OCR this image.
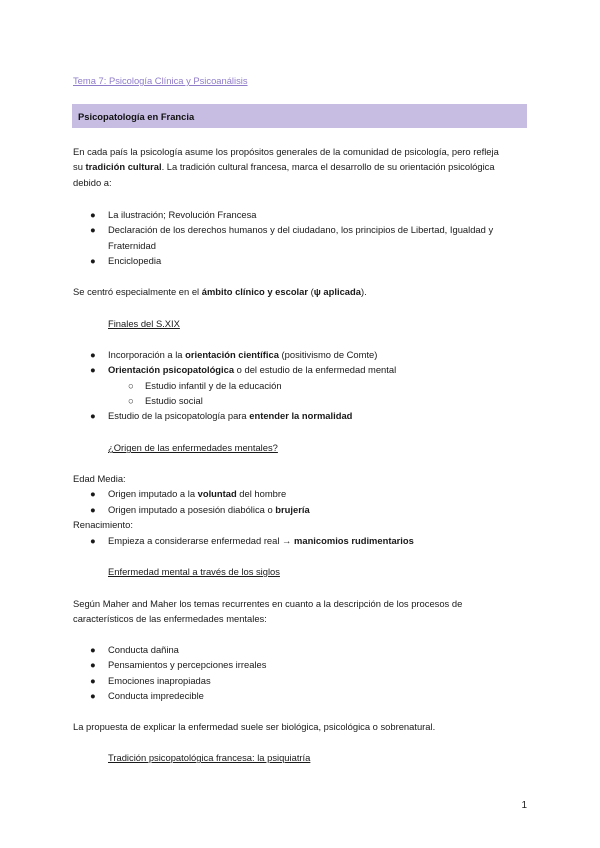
Tema 7: Psicología Clínica y Psicoanálisis
Psicopatología en Francia
En cada país la psicología asume los propósitos generales de la comunidad de psicología, pero refleja
su tradición cultural. La tradición cultural francesa, marca el desarrollo de su orientación psicológica
debido a:
● La ilustración; Revolución Francesa
● Declaración de los derechos humanos y del ciudadano, los principios de Libertad, Igualdad y
Fraternidad
● Enciclopedia
Se centró especialmente en el ámbito clínico y escolar (ψ aplicada).
Finales del S.XIX
● Incorporación a la orientación científica (positivismo de Comte)
● Orientación psicopatológica o del estudio de la enfermedad mental
○ Estudio infantil y de la educación
○ Estudio social
● Estudio de la psicopatología para entender la normalidad
¿Origen de las enfermedades mentales?
Edad Media:
● Origen imputado a la voluntad del hombre
● Origen imputado a posesión diabólica o brujería
Renacimiento:
● Empieza a considerarse enfermedad real → manicomios rudimentarios
Enfermedad mental a través de los siglos
Según Maher and Maher los temas recurrentes en cuanto a la descripción de los procesos de
característicos de las enfermedades mentales:
● Conducta dañina
● Pensamientos y percepciones irreales
● Emociones inapropiadas
● Conducta impredecible
La propuesta de explicar la enfermedad suele ser biológica, psicológica o sobrenatural.
Tradición psicopatológica francesa: la psiquiatría
1
